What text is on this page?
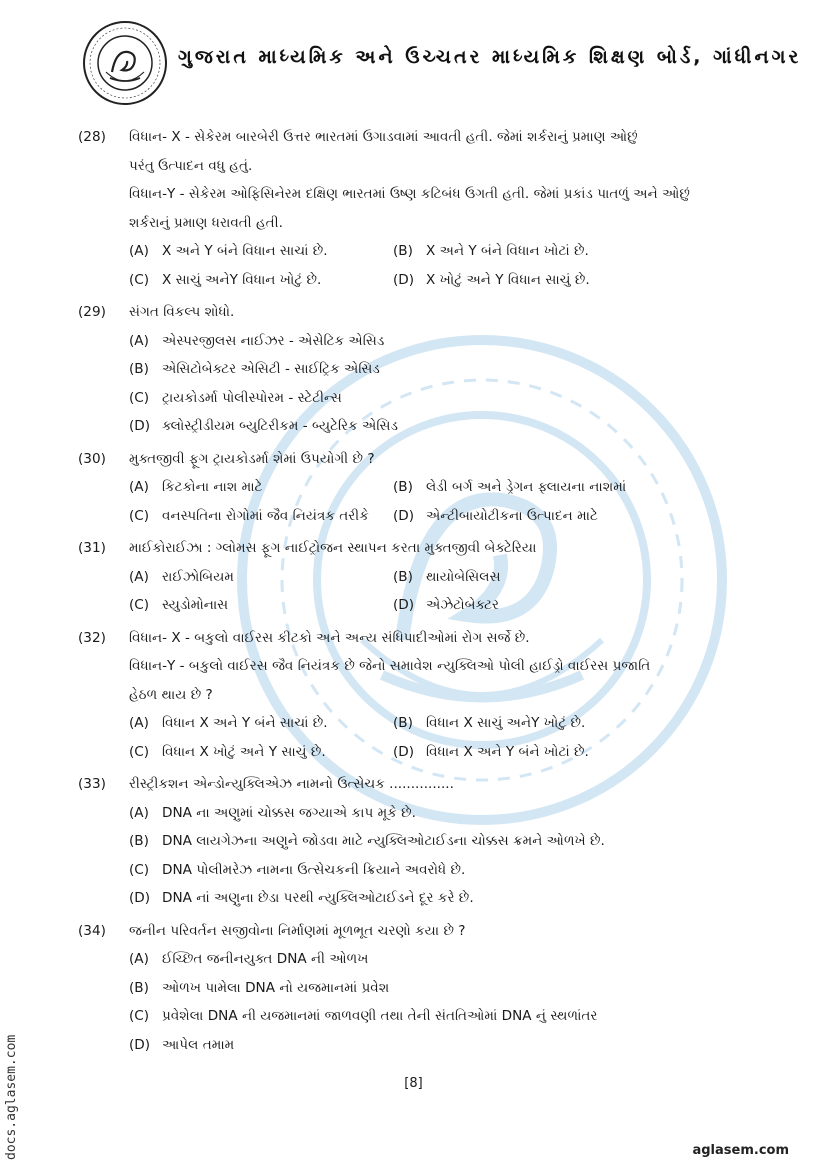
ગુજરાત માધ્યમિક અને ઉચ્ચતર માધ્યમિક શિક્ષણ બોર્ડ, ગાંધીનગર
(28) વિધાન- X - સેકેરમ બારબેરી ઉત્તર ભારતમાં ઉગાડવામાં આવતી હતી. જેમાં શર્કરાનું પ્રમાણ ઓછું
પરંતુ ઉત્પાદન વધુ હતું.
વિધાન-Y - સેકેરમ ઓફિસિનેરમ દક્ષિણ ભારતમાં ઉષ્ણ કટિબંધ ઉગતી હતી. જેમાં પ્રકાંડ પાતળું અને ઓછું
શર્કરાનું પ્રમાણ ધરાવતી હતી.
(A) X અને Y બંને વિધાન સાચાં છે.	(B) X અને Y બંને વિધાન ખોટાં છે.
(C) X સાચું અનેY વિધાન ખોટું છે.	(D) X ખોટું અને Y વિધાન સાચું છે.
(29) સંગત વિકલ્પ શોધો.
(A) એસ્પરજીલસ નાઈઝર - એસેટિક એસિડ
(B) એસિટોબેક્ટર એસિટી - સાઈટ્રિક એસિડ
(C) ટ્રાયકોડર્મા પોલીસ્પોરમ - સ્ટેટીન્સ
(D) ક્લોસ્ટ્રીડીયમ બ્યુટિરીકમ - બ્યુટેરિક એસિડ
(30) મુક્તજીવી ફૂગ ટ્રાયકોડર્મા શેમાં ઉપયોગી છે ?
(A) કિટકોના નાશ માટે	(B) લેડી બર્ગ અને ડ્રેગન ફ્લાયના નાશમાં
(C) વનસ્પતિના રોગોમાં જૈવ નિયંત્રક તરીકે	(D) એન્ટીબાયોટીકના ઉત્પાદન માટે
(31) માઈકોરાઈઝા : ગ્લોમસ ફૂગ નાઈટ્રોજન સ્થાપન કરતા મુક્તજીવી બેક્ટેરિયા
(A) રાઈઝોબિયમ	(B) થાયોબેસિલસ
(C) સ્યુડોમોનાસ	(D) એઝેટોબેક્ટર
(32) વિધાન- X - બકુલો વાઈરસ કીટકો અને અન્ય સંધિપાદીઓમાં રોગ સર્જે છે.
વિધાન-Y - બકુલો વાઈરસ જૈવ નિયંત્રક છે જેનો સમાવેશ ન્યુક્લિઓ પોલી હાઈડ્રો વાઈરસ પ્રજાતિ
હેઠળ થાય છે ?
(A) વિધાન X અને Y બંને સાચાં છે.	(B) વિધાન X સાચું અનેY ખોટું છે.
(C) વિધાન X ખોટું અને Y સાચું છે.	(D) વિધાન X અને Y બંને ખોટાં છે.
(33) રીસ્ટ્રીકશન એન્ડોન્યુક્લિએઝ નામનો ઉત્સેચક ...............
(A) DNA ના અણુમાં ચોક્કસ જગ્યાએ કાપ મૂકે છે.
(B) DNA લાયગેઝના અણુને જોડવા માટે ન્યુક્લિઓટાઈડના ચોક્કસ ક્રમને ઓળખે છે.
(C) DNA પોલીમરેઝ નામના ઉત્સેચકની ક્રિયાને અવરોધે છે.
(D) DNA નાં અણુના છેડા પરથી ન્યુક્લિઓટાઈડને દૂર કરે છે.
(34) જનીન પરિવર્તન સજીવોના નિર્માણમાં મૂળભૂત ચરણો કયા છે ?
(A) ઈચ્છિત જનીનયુક્ત DNA ની ઓળખ
(B) ઓળખ પામેલા DNA નો યજમાનમાં પ્રવેશ
(C) પ્રવેશેલા DNA ની યજમાનમાં જાળવણી તથા તેની સંતતિઓમાં DNA નું સ્થળાંતર
(D) આપેલ તમામ
[8]
aglasem.com
docs.aglasem.com
